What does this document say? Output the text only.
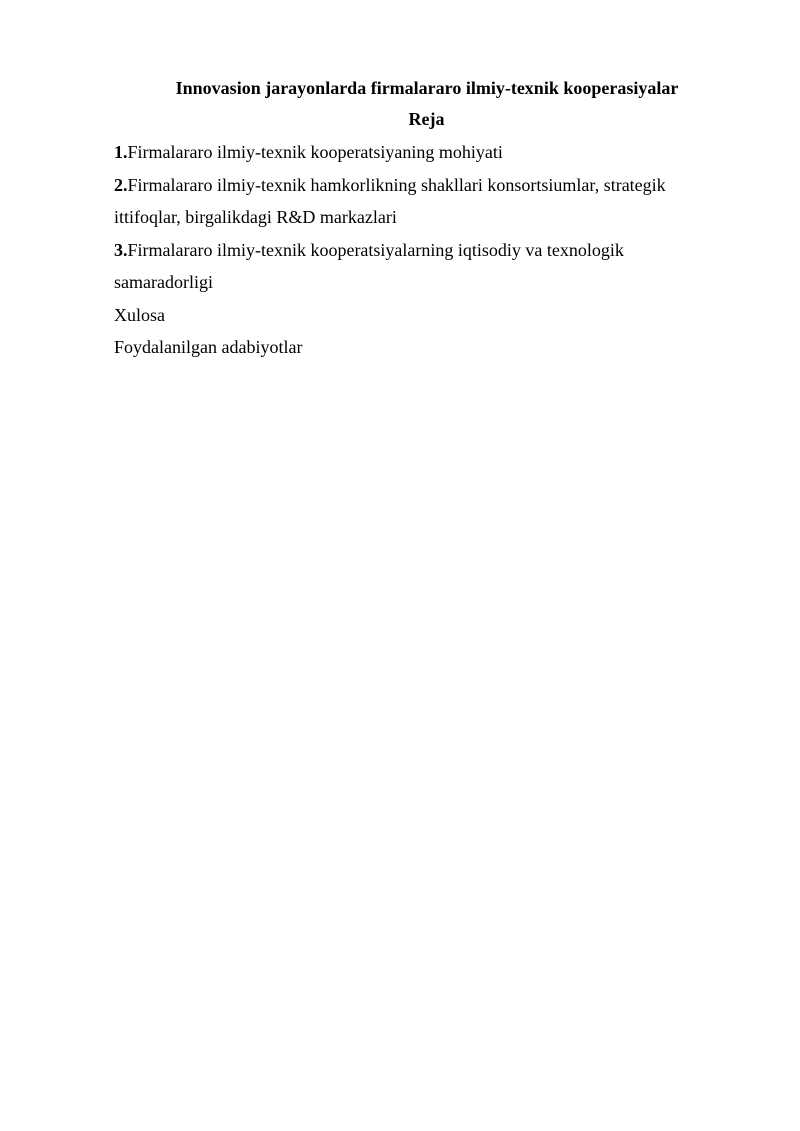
Innovasion jarayonlarda firmalararo ilmiy-texnik kooperasiyalar
Reja
1.Firmalararo ilmiy-texnik kooperatsiyaning mohiyati
2.Firmalararo ilmiy-texnik hamkorlikning shakllari konsortsiumlar, strategik
ittifoqlar, birgalikdagi R&D markazlari
3.Firmalararo ilmiy-texnik kooperatsiyalarning iqtisodiy va texnologik
samaradorligi
Xulosa
Foydalanilgan adabiyotlar
